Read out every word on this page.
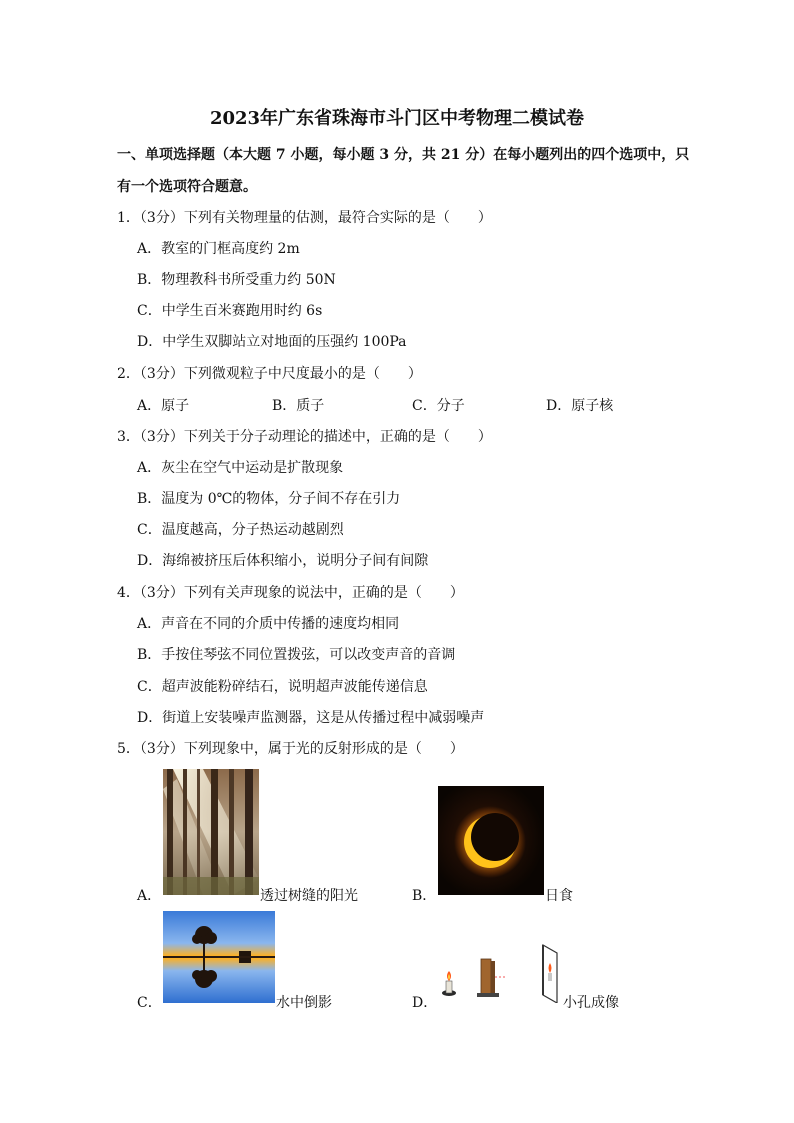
2023年广东省珠海市斗门区中考物理二模试卷
一、单项选择题（本大题 7 小题，每小题 3 分，共 21 分）在每小题列出的四个选项中，只
有一个选项符合题意。
1．（3分）下列有关物理量的估测，最符合实际的是（　　）
A．教室的门框高度约 2m
B．物理教科书所受重力约 50N
C．中学生百米赛跑用时约 6s
D．中学生双脚站立对地面的压强约 100Pa
2．（3分）下列微观粒子中尺度最小的是（　　）
A．原子	B．质子	C．分子	D．原子核
3．（3分）下列关于分子动理论的描述中，正确的是（　　）
A．灰尘在空气中运动是扩散现象
B．温度为 0℃的物体，分子间不存在引力
C．温度越高，分子热运动越剧烈
D．海绵被挤压后体积缩小，说明分子间有间隙
4．（3分）下列有关声现象的说法中，正确的是（　　）
A．声音在不同的介质中传播的速度均相同
B．手按住琴弦不同位置拨弦，可以改变声音的音调
C．超声波能粉碎结石，说明超声波能传递信息
D．街道上安装噪声监测器，这是从传播过程中减弱噪声
5．（3分）下列现象中，属于光的反射形成的是（　　）
A．	透过树缝的阳光	B．	日食
C．	水中倒影	D．	小孔成像
